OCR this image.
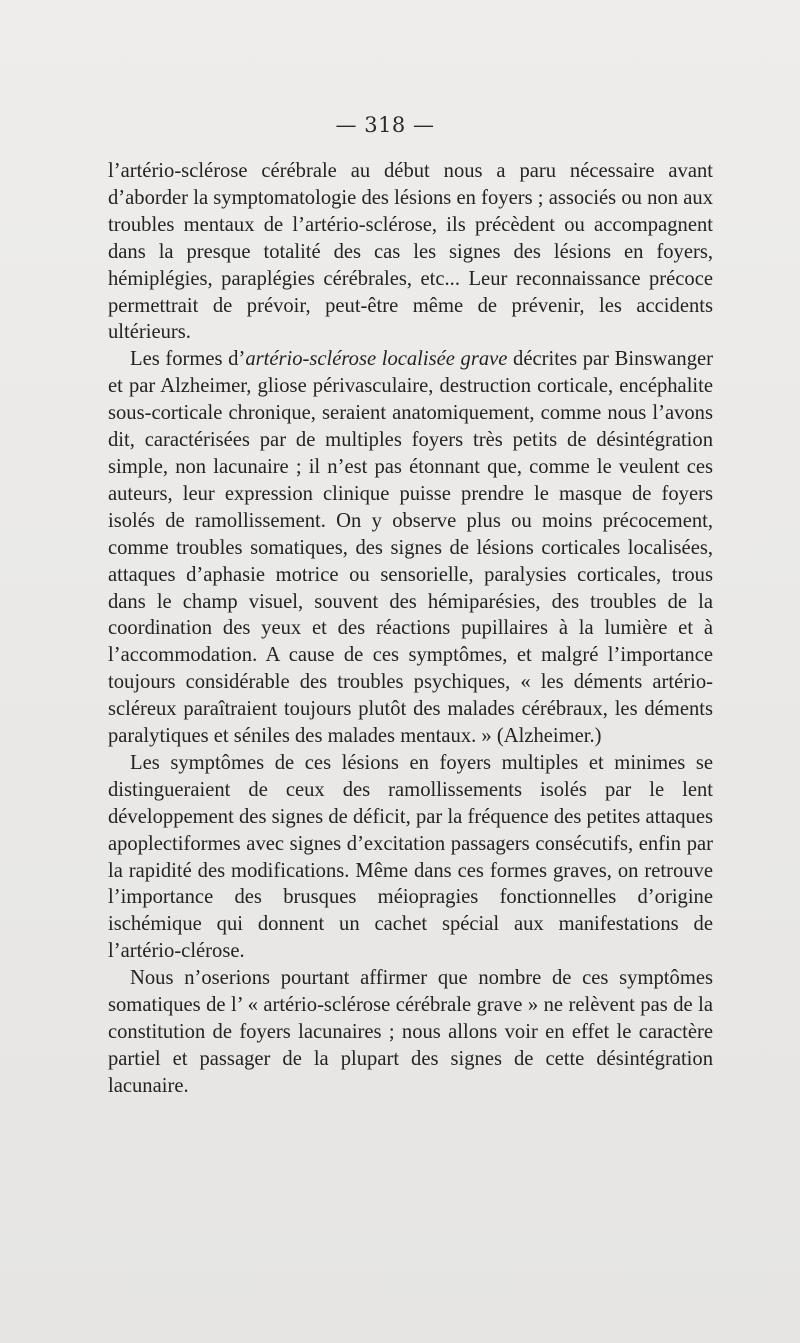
— 318 —

l’artério-sclérose cérébrale au début nous a paru nécessaire avant d’aborder la symptomatologie des lésions en foyers ; associés ou non aux troubles mentaux de l’artério-sclérose, ils précèdent ou accompagnent dans la presque totalité des cas les signes des lésions en foyers, hémiplégies, paraplégies cérébrales, etc... Leur reconnaissance précoce permettrait de prévoir, peut-être même de prévenir, les accidents ultérieurs.

Les formes d’artério-sclérose localisée grave décrites par Binswanger et par Alzheimer, gliose périvasculaire, destruction corticale, encéphalite sous-corticale chronique, seraient anatomiquement, comme nous l’avons dit, caractérisées par de multiples foyers très petits de désintégration simple, non lacunaire ; il n’est pas étonnant que, comme le veulent ces auteurs, leur expression clinique puisse prendre le masque de foyers isolés de ramollissement. On y observe plus ou moins précocement, comme troubles somatiques, des signes de lésions corticales localisées, attaques d’aphasie motrice ou sensorielle, paralysies corticales, trous dans le champ visuel, souvent des hémiparésies, des troubles de la coordination des yeux et des réactions pupillaires à la lumière et à l’accommodation. A cause de ces symptômes, et malgré l’importance toujours considérable des troubles psychiques, « les déments artério-scléreux paraîtraient toujours plutôt des malades cérébraux, les déments paralytiques et séniles des malades mentaux. » (Alzheimer.)

Les symptômes de ces lésions en foyers multiples et minimes se distingueraient de ceux des ramollissements isolés par le lent développement des signes de déficit, par la fréquence des petites attaques apoplectiformes avec signes d’excitation passagers consécutifs, enfin par la rapidité des modifications. Même dans ces formes graves, on retrouve l’importance des brusques méiopragies fonctionnelles d’origine ischémique qui donnent un cachet spécial aux manifestations de l’artério-clérose.

Nous n’oserions pourtant affirmer que nombre de ces symptômes somatiques de l’ « artério-sclérose cérébrale grave » ne relèvent pas de la constitution de foyers lacunaires ; nous allons voir en effet le caractère partiel et passager de la plupart des signes de cette désintégration lacunaire.
